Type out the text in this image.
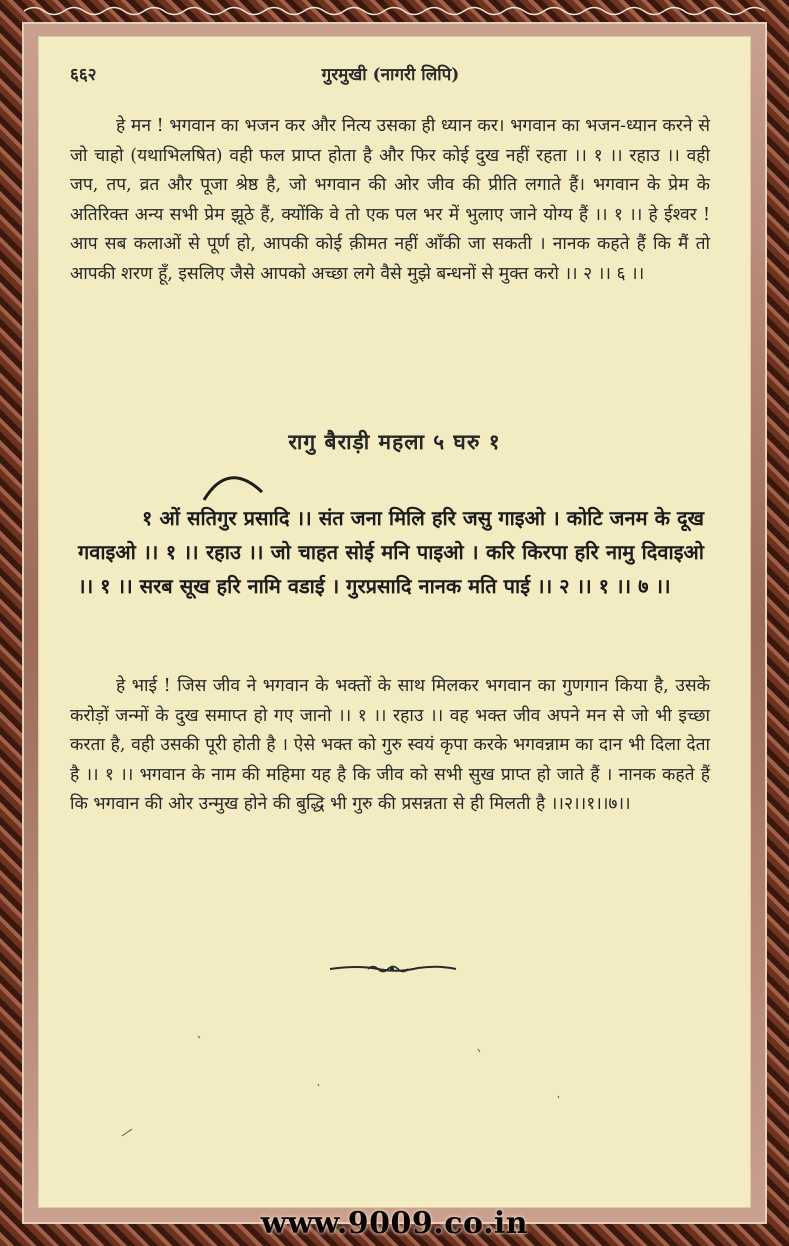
६६२	गुरमुखी (नागरी लिपि)
हे मन ! भगवान का भजन कर और नित्य उसका ही ध्यान कर। भगवान का भजन-ध्यान करने से जो चाहो (यथाभिलषित) वही फल प्राप्त होता है और फिर कोई दुख नहीं रहता ।। १ ।। रहाउ ।। वही जप, तप, व्रत और पूजा श्रेष्ठ है, जो भगवान की ओर जीव की प्रीति लगाते हैं। भगवान के प्रेम के अतिरिक्त अन्य सभी प्रेम झूठे हैं, क्योंकि वे तो एक पल भर में भुलाए जाने योग्य हैं ।। १ ।। हे ईश्वर ! आप सब कलाओं से पूर्ण हो, आपकी कोई क़ीमत नहीं आँकी जा सकती । नानक कहते हैं कि मैं तो आपकी शरण हूँ, इसलिए जैसे आपको अच्छा लगे वैसे मुझे बन्धनों से मुक्त करो ।। २ ।। ६ ।।
रागु बैराड़ी महला ५ घरु १
१ ओं सतिगुर प्रसादि ।। संत जना मिलि हरि जसु गाइओ । कोटि जनम के दूख गवाइओ ।। १ ।। रहाउ ।। जो चाहत सोई मनि पाइओ । करि किरपा हरि नामु दिवाइओ ।। १ ।। सरब सूख हरि नामि वडाई । गुरप्रसादि नानक मति पाई ।। २ ।। १ ।। ७ ।।
हे भाई ! जिस जीव ने भगवान के भक्तों के साथ मिलकर भगवान का गुणगान किया है, उसके करोड़ों जन्मों के दुख समाप्त हो गए जानो ।। १ ।। रहाउ ।। वह भक्त जीव अपने मन से जो भी इच्छा करता है, वही उसकी पूरी होती है । ऐसे भक्त को गुरु स्वयं कृपा करके भगवन्नाम का दान भी दिला देता है ।। १ ।। भगवान के नाम की महिमा यह है कि जीव को सभी सुख प्राप्त हो जाते हैं । नानक कहते हैं कि भगवान की ओर उन्मुख होने की बुद्धि भी गुरु की प्रसन्नता से ही मिलती है ।।२।।१।।७।।
www.9009.co.in
